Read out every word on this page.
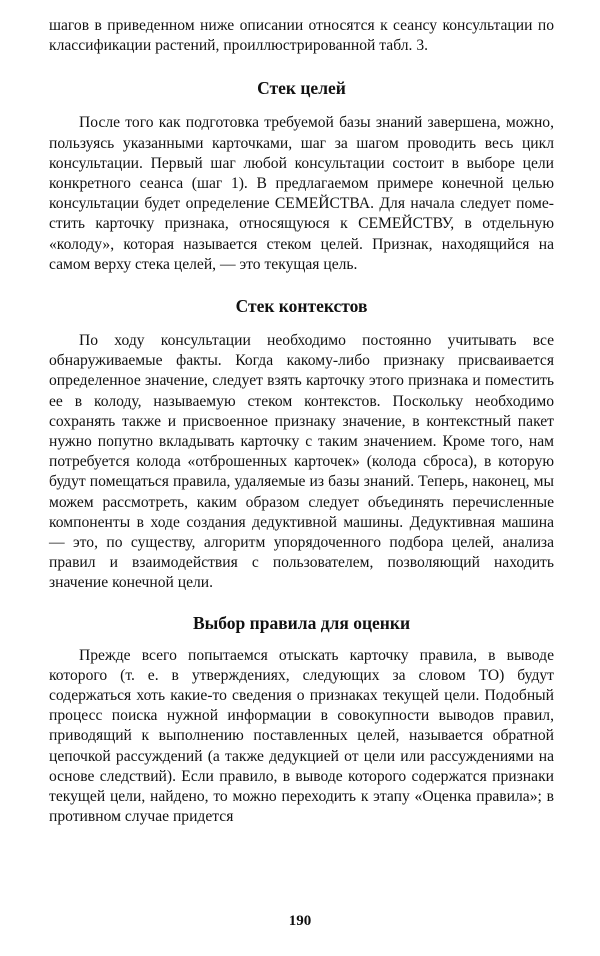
шагов в приведенном ниже описании относятся к сеансу консультации по классификации растений, проиллюстрированной табл. 3.

Стек целей

После того как подготовка требуемой базы знаний завершена, можно, пользуясь указанными карточками, шаг за шагом проводить весь цикл консультации. Первый шаг любой консультации состоит в выборе цели конкретного сеанса (шаг 1). В предлагаемом примере конечной целью консультации будет определение СЕМЕЙСТВА. Для начала следует поместить карточку признака, относящуюся к СЕМЕЙСТВУ, в отдельную «колоду», которая называется стеком целей. Признак, находящийся на самом верху стека целей, — это текущая цель.

Стек контекстов

По ходу консультации необходимо постоянно учитывать все обнаруживаемые факты. Когда какому-либо признаку присваивается определенное значение, следует взять карточку этого признака и поместить ее в колоду, называемую стеком контекстов. Поскольку необходимо сохранять также и присвоенное признаку значение, в контекстный пакет нужно попутно вкладывать карточку с таким значением. Кроме того, нам потребуется колода «отброшенных карточек» (колода сброса), в которую будут помещаться правила, удаляемые из базы знаний. Теперь, наконец, мы можем рассмотреть, каким образом следует объединять перечисленные компоненты в ходе создания дедуктивной машины. Дедуктивная машина — это, по существу, алгоритм упорядоченного подбора целей, анализа правил и взаимодействия с пользователем, позволяющий находить значение конечной цели.

Выбор правила для оценки

Прежде всего попытаемся отыскать карточку правила, в выводе которого (т. е. в утверждениях, следующих за словом ТО) будут содержаться хоть какие-то сведения о признаках текущей цели. Подобный процесс поиска нужной информации в совокупности выводов правил, приводящий к выполнению поставленных целей, называется обратной цепочкой рассуждений (а также дедукцией от цели или рассуждениями на основе следствий). Если правило, в выводе которого содержатся признаки текущей цели, найдено, то можно переходить к этапу «Оценка правила»; в противном случае придется

190
